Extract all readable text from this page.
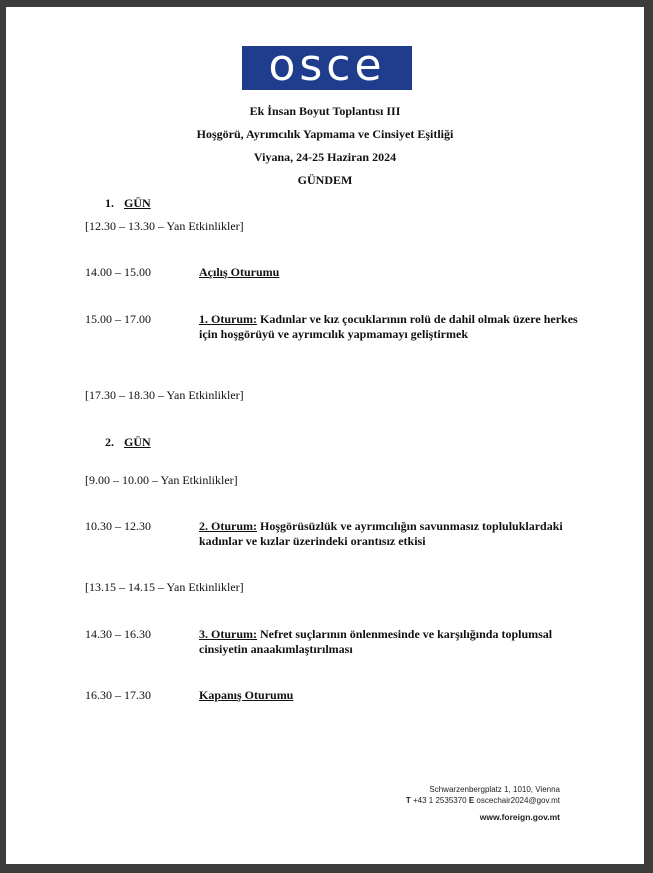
osce
Ek İnsan Boyut Toplantısı III
Hoşgörü, Ayrımcılık Yapmama ve Cinsiyet Eşitliği
Viyana, 24-25 Haziran 2024
GÜNDEM
1. GÜN
[12.30 – 13.30 – Yan Etkinlikler]
14.00 – 15.00	Açılış Oturumu
15.00 – 17.00	1. Oturum: Kadınlar ve kız çocuklarının rolü de dahil olmak üzere herkes için hoşgörüyü ve ayrımcılık yapmamayı geliştirmek
[17.30 – 18.30 – Yan Etkinlikler]
2. GÜN
[9.00 – 10.00 – Yan Etkinlikler]
10.30 – 12.30	2. Oturum: Hoşgörüsüzlük ve ayrımcılığın savunmasız topluluklardaki kadınlar ve kızlar üzerindeki orantısız etkisi
[13.15 – 14.15 – Yan Etkinlikler]
14.30 – 16.30	3. Oturum: Nefret suçlarının önlenmesinde ve karşılığında toplumsal cinsiyetin anaakımlaştırılması
16.30 – 17.30	Kapanış Oturumu
Schwarzenbergplatz 1, 1010, Vienna
T +43 1 2535370 E oscechair2024@gov.mt
www.foreign.gov.mt
